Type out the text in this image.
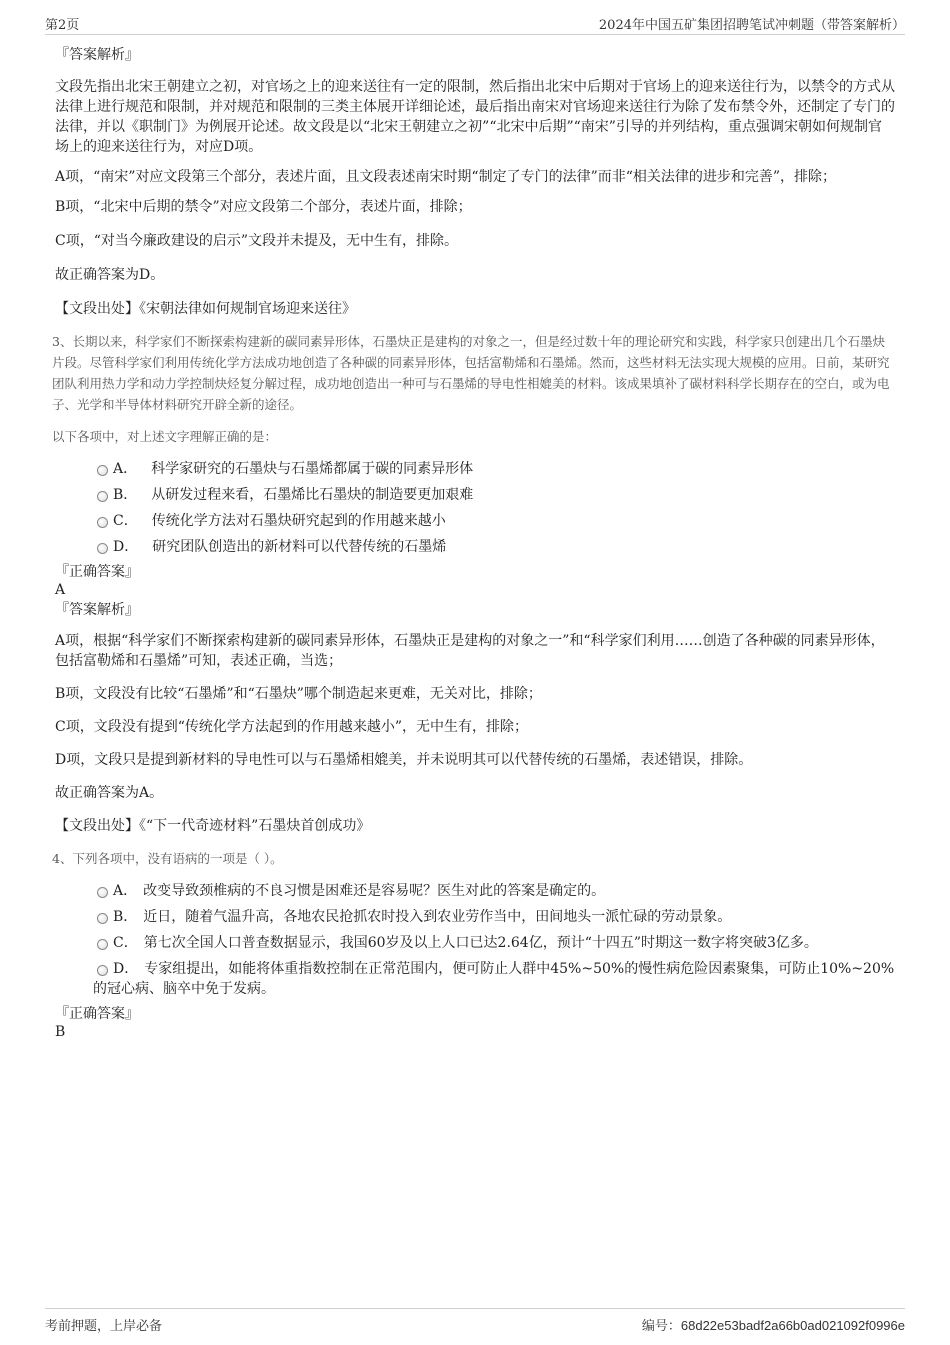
第2页	2024年中国五矿集团招聘笔试冲刺题（带答案解析）

『答案解析』

文段先指出北宋王朝建立之初，对官场之上的迎来送往有一定的限制，然后指出北宋中后期对于官场上的迎来送往行为，以禁令的方式从法律上进行规范和限制，并对规范和限制的三类主体展开详细论述，最后指出南宋对官场迎来送往行为除了发布禁令外，还制定了专门的法律，并以《职制门》为例展开论述。故文段是以“北宋王朝建立之初”“北宋中后期”“南宋”引导的并列结构，重点强调宋朝如何规制官场上的迎来送往行为，对应D项。

A项，“南宋”对应文段第三个部分，表述片面，且文段表述南宋时期“制定了专门的法律”而非“相关法律的进步和完善”，排除；

B项，“北宋中后期的禁令”对应文段第二个部分，表述片面，排除；

C项，“对当今廉政建设的启示”文段并未提及，无中生有，排除。

故正确答案为D。

【文段出处】《宋朝法律如何规制官场迎来送往》

3、长期以来，科学家们不断探索构建新的碳同素异形体，石墨炔正是建构的对象之一，但是经过数十年的理论研究和实践，科学家只创建出几个石墨炔片段。尽管科学家们利用传统化学方法成功地创造了各种碳的同素异形体，包括富勒烯和石墨烯。然而，这些材料无法实现大规模的应用。日前，某研究团队利用热力学和动力学控制炔烃复分解过程，成功地创造出一种可与石墨烯的导电性相媲美的材料。该成果填补了碳材料科学长期存在的空白，或为电子、光学和半导体材料研究开辟全新的途径。

以下各项中，对上述文字理解正确的是：

A． 科学家研究的石墨炔与石墨烯都属于碳的同素异形体
B． 从研发过程来看，石墨烯比石墨炔的制造要更加艰难
C． 传统化学方法对石墨炔研究起到的作用越来越小
D． 研究团队创造出的新材料可以代替传统的石墨烯

『正确答案』

A

『答案解析』

A项，根据“科学家们不断探索构建新的碳同素异形体，石墨炔正是建构的对象之一”和“科学家们利用……创造了各种碳的同素异形体，包括富勒烯和石墨烯”可知，表述正确，当选；

B项，文段没有比较“石墨烯”和“石墨炔”哪个制造起来更难，无关对比，排除；

C项，文段没有提到“传统化学方法起到的作用越来越小”，无中生有，排除；

D项，文段只是提到新材料的导电性可以与石墨烯相媲美，并未说明其可以代替传统的石墨烯，表述错误，排除。

故正确答案为A。

【文段出处】《“下一代奇迹材料”石墨炔首创成功》

4、下列各项中，没有语病的一项是（ ）。

A． 改变导致颈椎病的不良习惯是困难还是容易呢？医生对此的答案是确定的。
B． 近日，随着气温升高，各地农民抢抓农时投入到农业劳作当中，田间地头一派忙碌的劳动景象。
C． 第七次全国人口普查数据显示，我国60岁及以上人口已达2.64亿，预计“十四五”时期这一数字将突破3亿多。
D． 专家组提出，如能将体重指数控制在正常范围内，便可防止人群中45%~50%的慢性病危险因素聚集，可防止10%~20%的冠心病、脑卒中免于发病。

『正确答案』

B

考前押题，上岸必备	编号：68d22e53badf2a66b0ad021092f0996e
